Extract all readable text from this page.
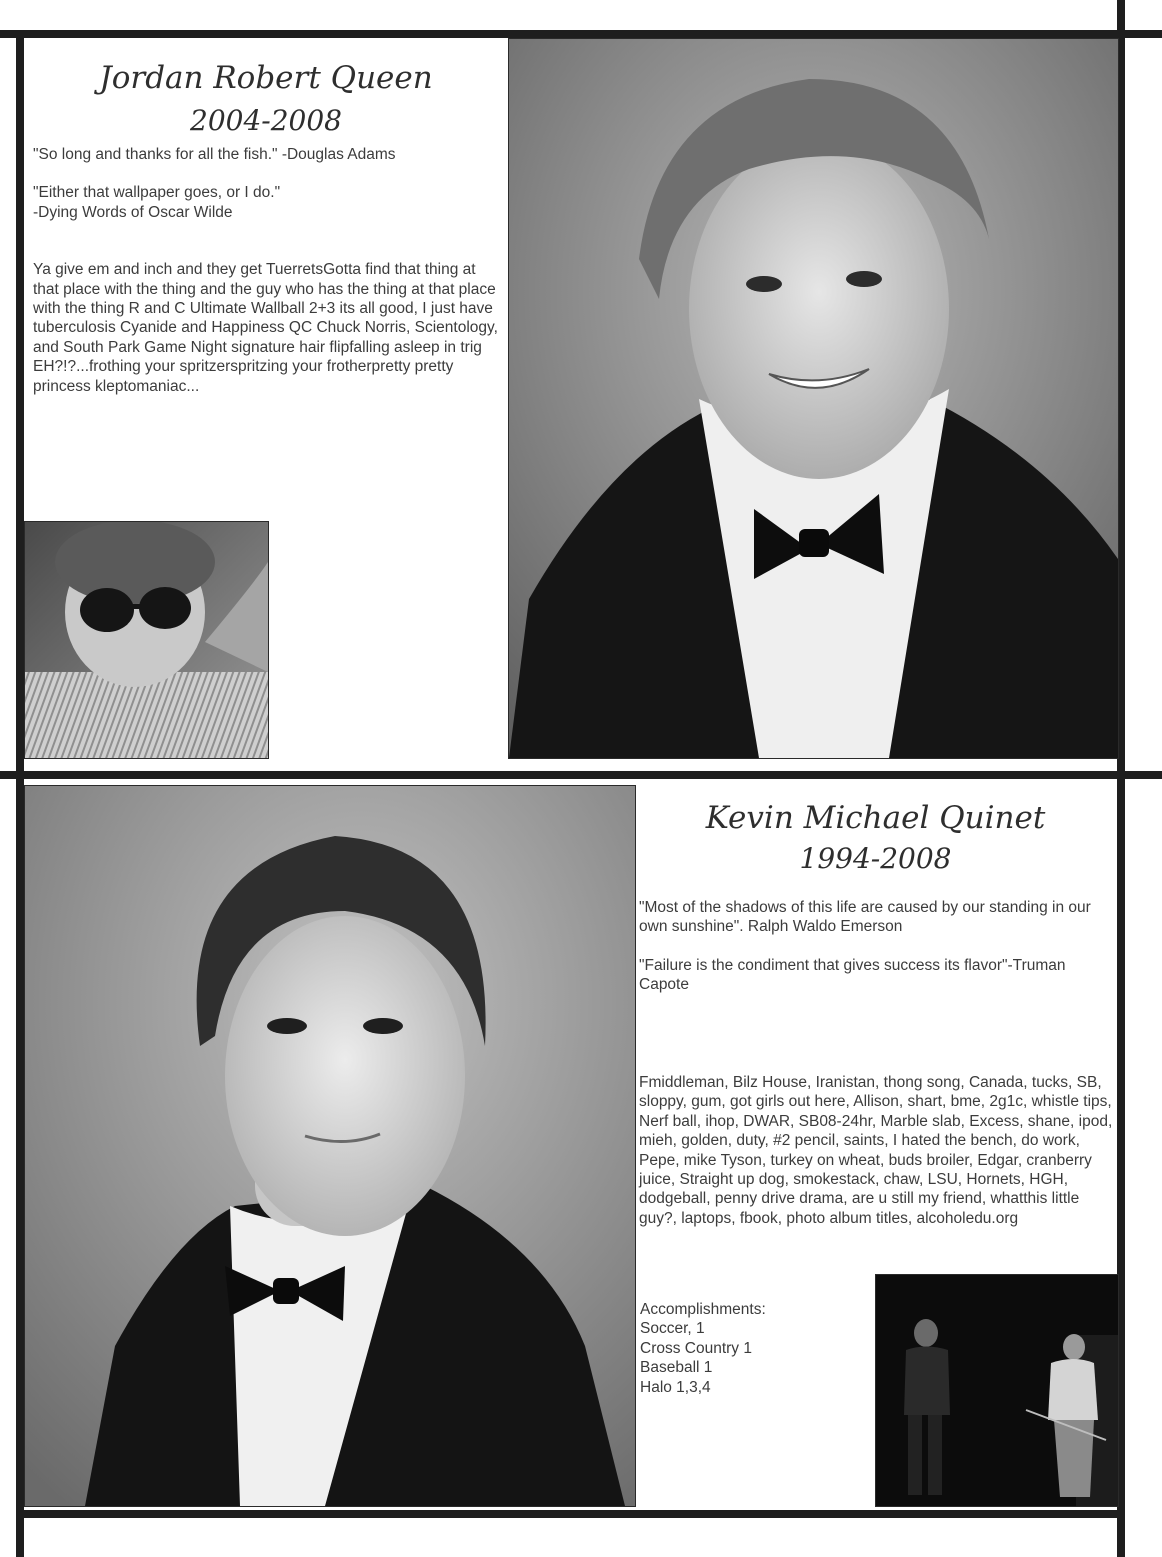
Jordan Robert Queen
2004-2008

"So long and thanks for all the fish." -Douglas Adams

"Either that wallpaper goes, or I do."

-Dying Words of Oscar Wilde

Ya give em and inch and they get TuerretsGotta find that thing at that place with the thing and the guy who has the thing at that place with the thing R and C Ultimate Wallball 2+3 its all good, I just have tuberculosis Cyanide and Happiness QC Chuck Norris, Scientology, and South Park Game Night signature hair flipfalling asleep in trig EH?!?...frothing your spritzerspritzing your frotherpretty pretty princess kleptomaniac...

Kevin Michael Quinet
1994-2008

"Most of the shadows of this life are caused by our standing in our own sunshine". Ralph Waldo Emerson

"Failure is the condiment that gives success its flavor"-Truman Capote

Fmiddleman, Bilz House, Iranistan, thong song, Canada, tucks, SB, sloppy, gum, got girls out here, Allison, shart, bme, 2g1c, whistle tips, Nerf ball, ihop, DWAR, SB08-24hr, Marble slab, Excess, shane, ipod, mieh, golden, duty, #2 pencil, saints, I hated the bench, do work, Pepe, mike Tyson, turkey on wheat, buds broiler, Edgar, cranberry juice, Straight up dog, smokestack, chaw, LSU, Hornets, HGH, dodgeball, penny drive drama, are u still my friend, whatthis little guy?, laptops, fbook, photo album titles, alcoholedu.org

Accomplishments:

Soccer, 1

Cross Country 1

Baseball 1

Halo 1,3,4
